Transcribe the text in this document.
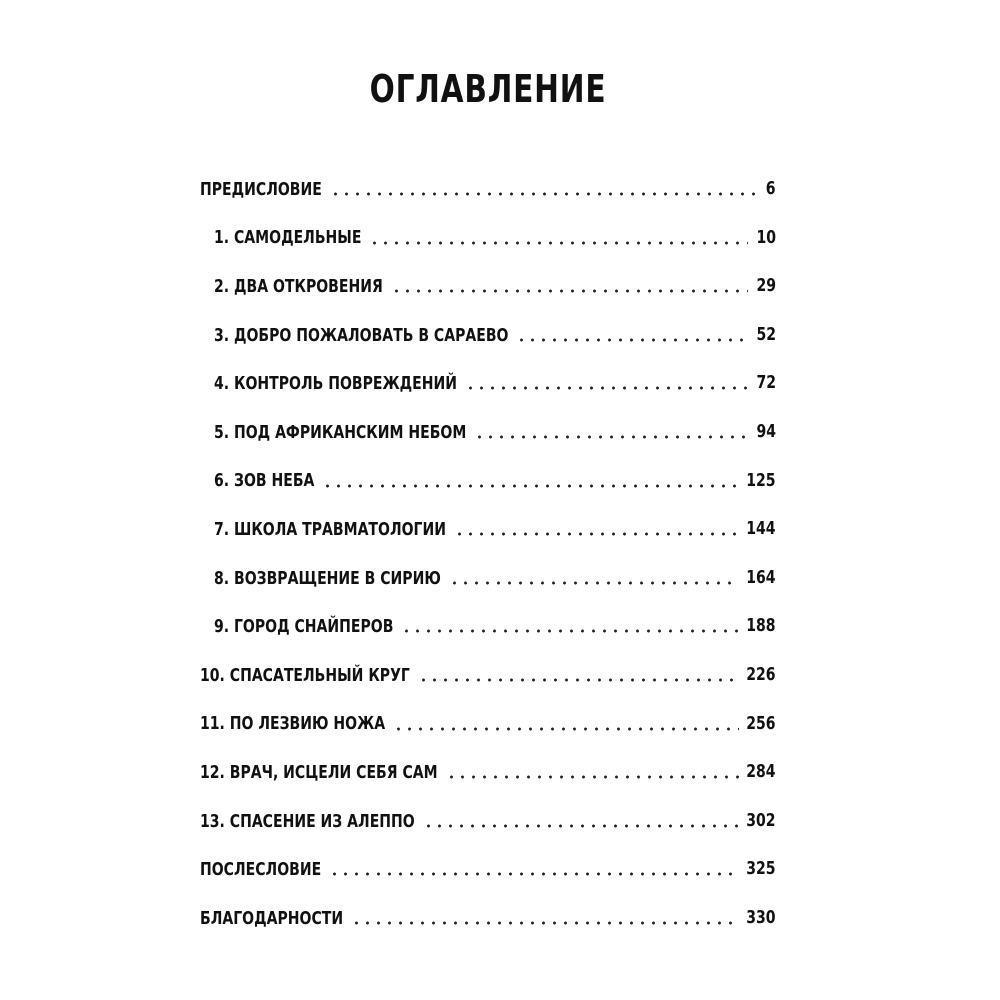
ОГЛАВЛЕНИЕ
ПРЕДИСЛОВИЕ	6
1. САМОДЕЛЬНЫЕ	10
2. ДВА ОТКРОВЕНИЯ	29
3. ДОБРО ПОЖАЛОВАТЬ В САРАЕВО	52
4. КОНТРОЛЬ ПОВРЕЖДЕНИЙ	72
5. ПОД АФРИКАНСКИМ НЕБОМ	94
6. ЗОВ НЕБА	125
7. ШКОЛА ТРАВМАТОЛОГИИ	144
8. ВОЗВРАЩЕНИЕ В СИРИЮ	164
9. ГОРОД СНАЙПЕРОВ	188
10. СПАСАТЕЛЬНЫЙ КРУГ	226
11. ПО ЛЕЗВИЮ НОЖА	256
12. ВРАЧ, ИСЦЕЛИ СЕБЯ САМ	284
13. СПАСЕНИЕ ИЗ АЛЕППО	302
ПОСЛЕСЛОВИЕ	325
БЛАГОДАРНОСТИ	330
